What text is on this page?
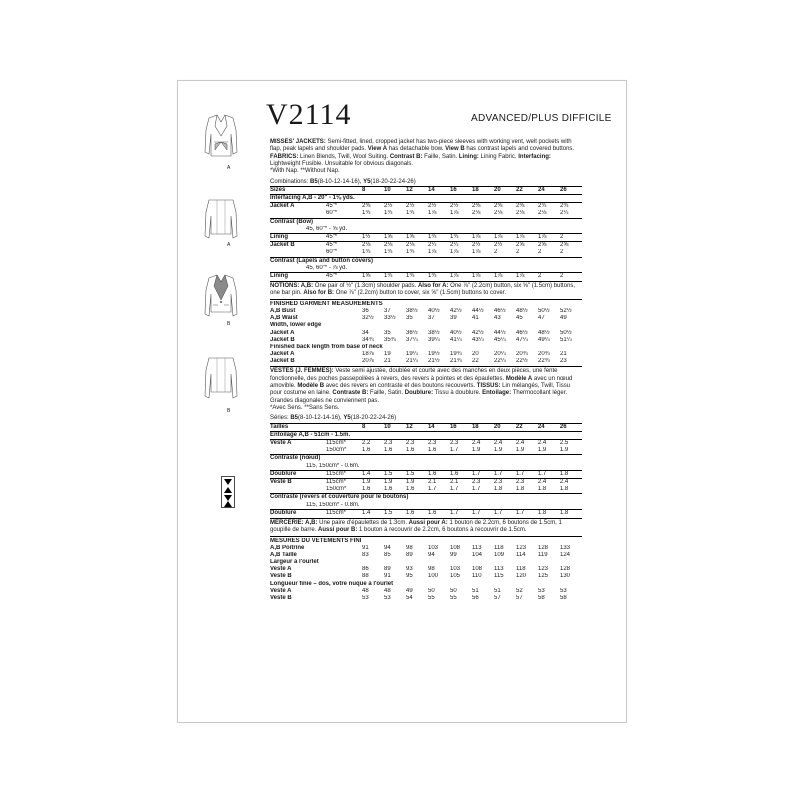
A
A
B
B
V2114	ADVANCED/PLUS DIFFICILE

MISSES' JACKETS: Semi-fitted, lined, cropped jacket has two-piece sleeves with working vent, welt pockets with flap, peak lapels and shoulder pads. View A has detachable bow. View B has contrast lapels and covered buttons. FABRICS: Linen Blends, Twill, Wool Suiting. Contrast B: Faille, Satin. Lining: Lining Fabric. Interfacing: Lightweight Fusible. Unsuitable for obvious diagonals.

*With Nap. **Without Nap.

Combinations: B5(8-10-12-14-16), Y5(18-20-22-24-26)

Sizes		8	10	12	14	16	18	20	22	24	26
Interfacing A,B - 20" - 1⅛ yds.											
Jacket A	45"*	2⅜	2½	2½	2½	2½	2⅜	2⅜	2⅜	2¾	2¾
	60"*	1¾	1¾	1¾	1⅞	1⅞	2⅛	2⅛	2⅛	2⅛	2¼
Contrast (Bow)											
45, 60"* - ⅝ yd.											
Lining	45"*	1½	1⅝	1⅝	1¾	1¾	1⅞	1⅞	1⅞	1⅞	2
Jacket B	45"*	2⅛	2⅛	2⅛	2¼	2¼	2½	2½	2⅝	2⅝	2⅝
	60"*	1¾	1¾	1¾	1⅞	1⅞	1⅞	2	2	2	2
Contrast (Lapels and button covers)											
45, 60"* - ⅞ yd.											
Lining	45"*	1⅝	1¾	1¾	1¾	1⅞	1⅞	1⅞	1⅞	2	2

NOTIONS: A,B: One pair of ½" (1.3cm) shoulder pads. Also for A: One ⅞" (2.2cm) button, six ⅝" (1.5cm) buttons, one bar pin. Also for B: One ⅞" (2.2cm) button to cover, six ⅝" (1.5cm) buttons to cover.

FINISHED GARMENT MEASUREMENTS										
A,B Bust	36	37	38½	40½	42½	44½	46½	48½	50½	52½
A,B Waist	32½	33½	35	37	39	41	43	45	47	49
Width, lower edge										
Jacket A	34	35	36½	38½	40½	42½	44½	46½	48½	50½
Jacket B	34¾	35¾	37¼	39¼	41¼	43¼	45¼	47¼	49¼	51¼
Finished back length from base of neck										
Jacket A	18⅞	19	19¼	19½	19¾	20	20¼	20¾	20¾	21
Jacket B	20⅞	21	21¼	21½	21¾	22	22¼	22½	22¾	23

VESTES (J. FEMMES): Veste semi ajustée, doublée et courte avec des manches en deux pièces, une fente fonctionnelle, des poches passepoilées à revers, des revers à pointes et des épaulettes. Modèle A avec un nœud amovible. Modèle B avec des revers en contraste et des boutons recouverts. TISSUS: Lin mélangés, Twill, Tissu pour costume en laine. Contraste B: Faille, Satin. Doublure: Tissu à doublure. Entoilage: Thermocollant léger. Grandes diagonales ne conviennent pas.

*Avec Sens. **Sans Sens.

Séries: B5(8-10-12-14-16), Y5(18-20-22-24-26)

Tailles		8	10	12	14	16	18	20	22	24	26
Entoilage A,B - 51cm - 1.5m.											
Veste A	115cm*	2.2	2.3	2.3	2.3	2.3	2.4	2.4	2.4	2.4	2.5
	150cm*	1.6	1.6	1.6	1.6	1.7	1.9	1.9	1.9	1.9	1.9
Contraste (nœud)											
115, 150cm* - 0.6m.											
Doublure	115cm*	1.4	1.5	1.5	1.6	1.6	1.7	1.7	1.7	1.7	1.8
Veste B	115cm*	1.9	1.9	1.9	2.1	2.1	2.3	2.3	2.3	2.4	2.4
	150cm*	1.6	1.6	1.6	1.7	1.7	1.7	1.8	1.8	1.8	1.8
Contraste (revers et couverture pour le boutons)											
115, 150cm* - 0.8m.											
Doublure	115cm*	1.4	1.5	1.6	1.6	1.7	1.7	1.7	1.7	1.8	1.8

MERCERIE: A,B: Une paire d'épaulettes de 1.3cm. Aussi pour A: 1 bouton de 2.2cm, 6 boutons de 1.5cm, 1 goupille de barre. Aussi pour B: 1 bouton à recouvrir de 2.2cm, 6 boutons à recouvrir de 1.5cm.

MESURES DU VÊTEMENTS FINI										
A,B Poitrine	91	94	98	103	108	113	118	123	128	133
A,B Taille	83	85	89	94	99	104	109	114	119	124
Largeur à l'ourlet										
Veste A	86	89	93	98	103	108	113	118	123	128
Veste B	88	91	95	100	105	110	115	120	125	130
Longueur finie – dos, votre nuque à l'ourlet										
Veste A	48	48	49	50	50	51	51	52	53	53
Veste B	53	53	54	55	55	56	57	57	58	58
